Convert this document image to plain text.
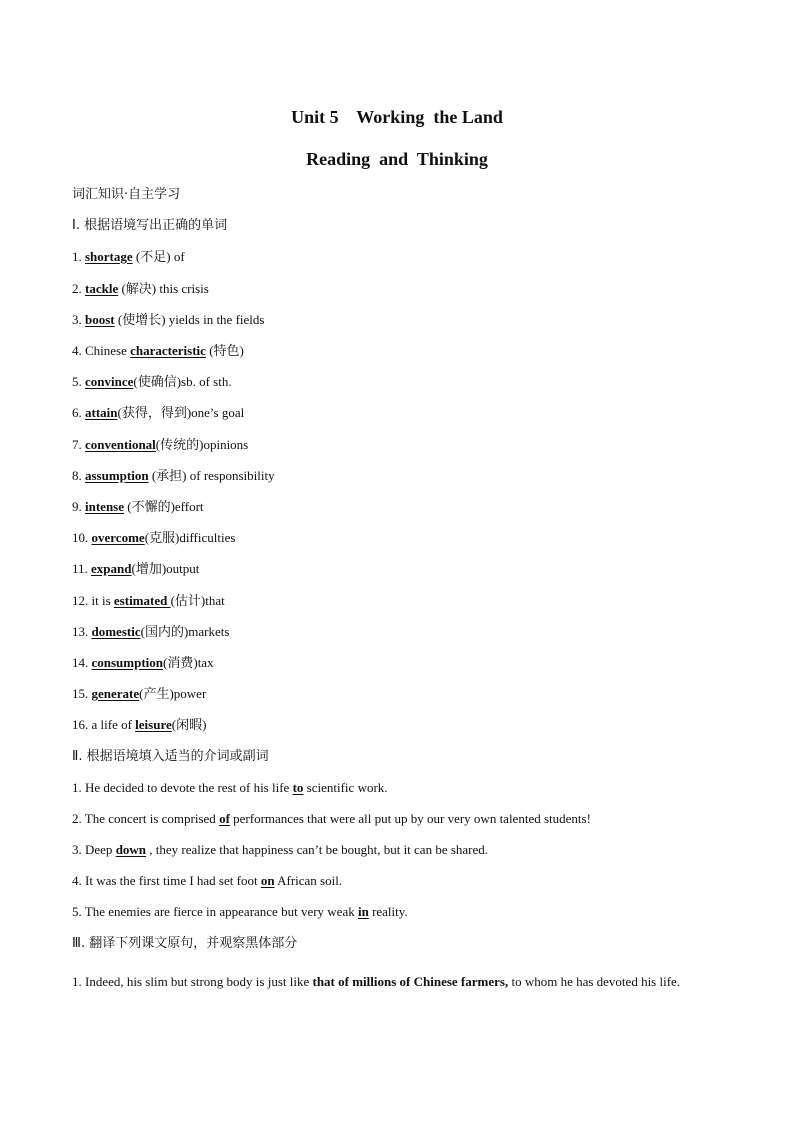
Unit 5    Working  the Land
Reading  and  Thinking
词汇知识·自主学习
Ⅰ. 根据语境写出正确的单词
1. shortage (不足) of
2. tackle (解决) this crisis
3. boost (使增长) yields in the fields
4. Chinese characteristic (特色)
5. convince(使确信)sb. of sth.
6. attain(获得，得到)one’s goal
7. conventional(传统的)opinions
8. assumption (承担) of responsibility
9. intense (不懈的)effort
10. overcome(克服)difficulties
11. expand(增加)output
12. it is estimated (估计)that
13. domestic(国内的)markets
14. consumption(消费)tax
15. generate(产生)power
16. a life of leisure(闲暇)
Ⅱ. 根据语境填入适当的介词或副词
1. He decided to devote the rest of his life to scientific work.
2. The concert is comprised of performances that were all put up by our very own talented students!
3. Deep down , they realize that happiness can’t be bought, but it can be shared.
4. It was the first time I had set foot on African soil.
5. The enemies are fierce in appearance but very weak in reality.
Ⅲ. 翻译下列课文原句，并观察黑体部分
1. Indeed, his slim but strong body is just like that of millions of Chinese farmers, to whom he has devoted his life.
